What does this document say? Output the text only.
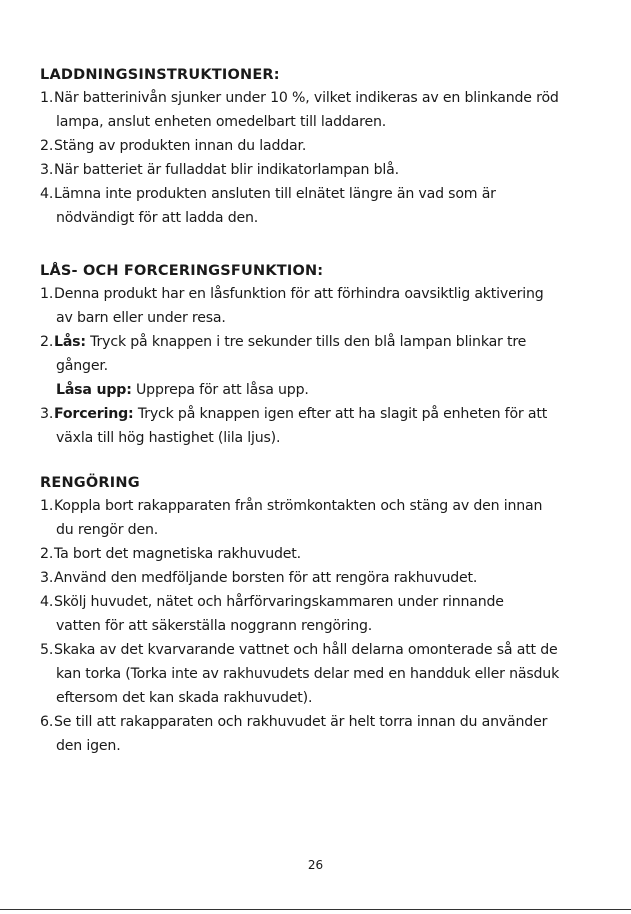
LADDNINGSINSTRUKTIONER:
1. När batterinivån sjunker under 10 %, vilket indikeras av en blinkande röd
lampa, anslut enheten omedelbart till laddaren.
2. Stäng av produkten innan du laddar.
3. När batteriet är fulladdat blir indikatorlampan blå.
4. Lämna inte produkten ansluten till elnätet längre än vad som är
nödvändigt för att ladda den.
LÅS- OCH FORCERINGSFUNKTION:
1. Denna produkt har en låsfunktion för att förhindra oavsiktlig aktivering
av barn eller under resa.
2. Lås: Tryck på knappen i tre sekunder tills den blå lampan blinkar tre
gånger.
Låsa upp: Upprepa för att låsa upp.
3. Forcering: Tryck på knappen igen efter att ha slagit på enheten för att
växla till hög hastighet (lila ljus).
RENGÖRING
1. Koppla bort rakapparaten från strömkontakten och stäng av den innan
du rengör den.
2. Ta bort det magnetiska rakhuvudet.
3. Använd den medföljande borsten för att rengöra rakhuvudet.
4. Skölj huvudet, nätet och hårförvaringskammaren under rinnande
vatten för att säkerställa noggrann rengöring.
5. Skaka av det kvarvarande vattnet och håll delarna omonterade så att de
kan torka (Torka inte av rakhuvudets delar med en handduk eller näsduk
eftersom det kan skada rakhuvudet).
6. Se till att rakapparaten och rakhuvudet är helt torra innan du använder
den igen.
26
